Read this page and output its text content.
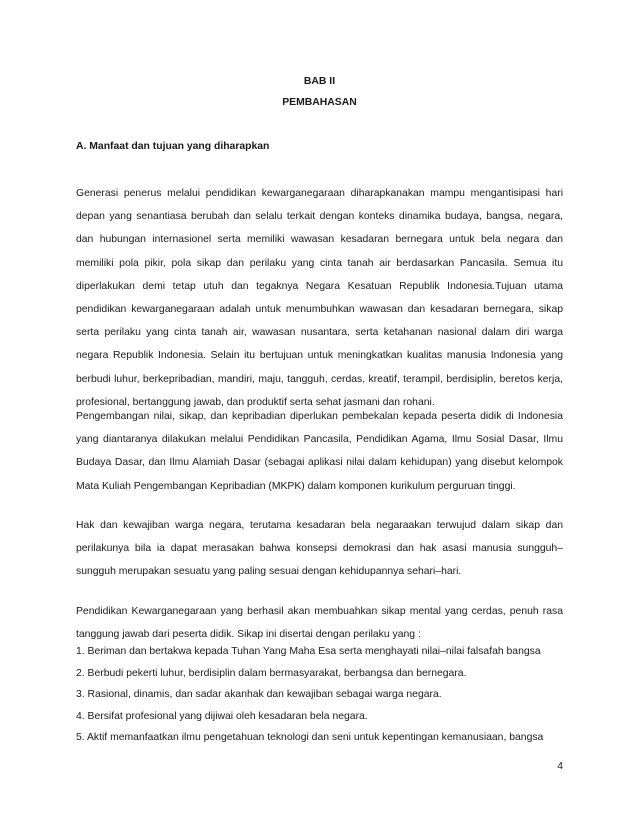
BAB II
PEMBAHASAN
A. Manfaat dan tujuan yang diharapkan

Generasi penerus melalui pendidikan kewarganegaraan diharapkanakan mampu mengantisipasi hari depan yang senantiasa berubah dan selalu terkait dengan konteks dinamika budaya, bangsa, negara, dan hubungan internasionel serta memiliki wawasan kesadaran bernegara untuk bela negara dan memiliki pola pikir, pola sikap dan perilaku yang cinta tanah air berdasarkan Pancasila. Semua itu diperlakukan demi tetap utuh dan tegaknya Negara Kesatuan Republik Indonesia.Tujuan utama pendidikan kewarganegaraan adalah untuk menumbuhkan wawasan dan kesadaran bernegara, sikap serta perilaku yang cinta tanah air, wawasan nusantara, serta ketahanan nasional dalam diri warga negara Republik Indonesia. Selain itu bertujuan untuk meningkatkan kualitas manusia Indonesia yang berbudi luhur, berkepribadian, mandiri, maju, tangguh, cerdas, kreatif, terampil, berdisiplin, beretos kerja, profesional, bertanggung jawab, dan produktif serta sehat jasmani dan rohani.

Pengembangan nilai, sikap, dan kepribadian diperlukan pembekalan kepada peserta didik di Indonesia yang diantaranya dilakukan melalui Pendidikan Pancasila, Pendidikan Agama, Ilmu Sosial Dasar, Ilmu Budaya Dasar, dan Ilmu Alamiah Dasar (sebagai aplikasi nilai dalam kehidupan) yang disebut kelompok Mata Kuliah Pengembangan Kepribadian (MKPK) dalam komponen kurikulum perguruan tinggi.

Hak dan kewajiban warga negara, terutama kesadaran bela negaraakan terwujud dalam sikap dan perilakunya bila ia dapat merasakan bahwa konsepsi demokrasi dan hak asasi manusia sungguh–sungguh merupakan sesuatu yang paling sesuai dengan kehidupannya sehari–hari.

Pendidikan Kewarganegaraan yang berhasil akan membuahkan sikap mental yang cerdas, penuh rasa tanggung jawab dari peserta didik. Sikap ini disertai dengan perilaku yang :

1. Beriman dan bertakwa kepada Tuhan Yang Maha Esa serta menghayati nilai–nilai falsafah bangsa
2. Berbudi pekerti luhur, berdisiplin dalam bermasyarakat, berbangsa dan bernegara.
3. Rasional, dinamis, dan sadar akanhak dan kewajiban sebagai warga negara.
4. Bersifat profesional yang dijiwai oleh kesadaran bela negara.
5. Aktif memanfaatkan ilmu pengetahuan teknologi dan seni untuk kepentingan kemanusiaan, bangsa
4
